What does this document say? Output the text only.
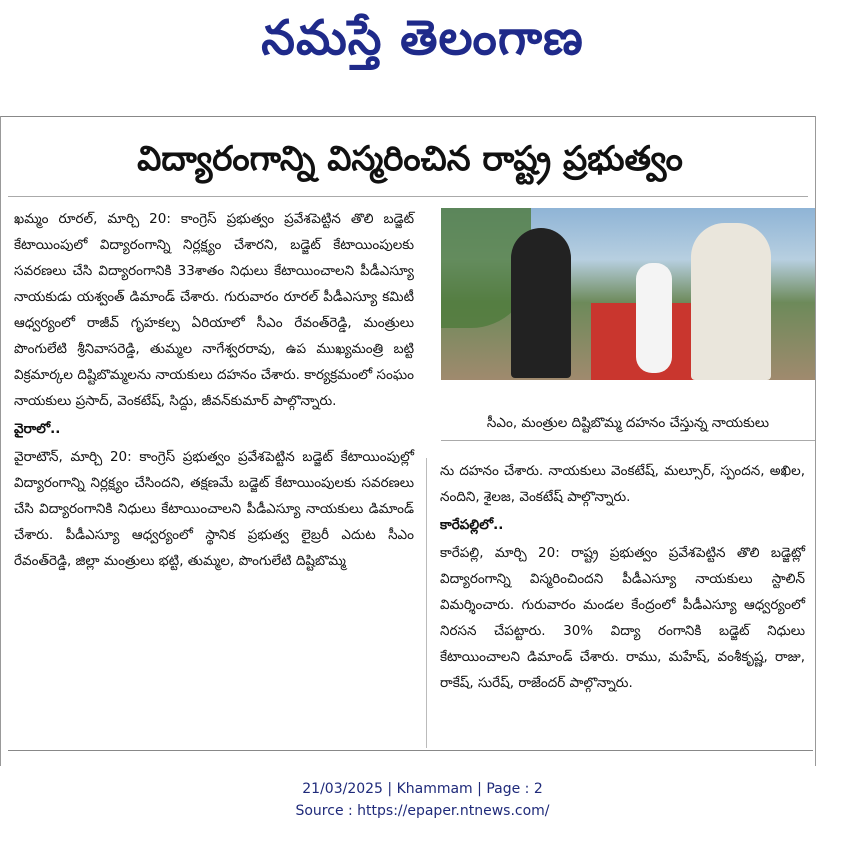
నమస్తే తెలంగాణ
విద్యారంగాన్ని విస్మరించిన రాష్ట్ర ప్రభుత్వం

ఖమ్మం రూరల్, మార్చి 20: కాంగ్రెస్ ప్రభుత్వం ప్రవేశపెట్టిన తొలి బడ్జెట్ కేటాయింపులో విద్యారంగాన్ని నిర్లక్ష్యం చేశారని, బడ్జెట్ కేటాయింపులకు సవరణలు చేసి విద్యారంగానికి 33శాతం నిధులు కేటాయించాలని పీడీఎస్యూ నాయకుడు యశ్వంత్ డిమాండ్ చేశారు. గురువారం రూరల్ పీడీఎస్యూ కమిటీ ఆధ్వర్యంలో రాజీవ్ గృహకల్ప ఏరియాలో సీఎం రేవంత్‌రెడ్డి, మంత్రులు పొంగులేటి శ్రీనివాసరెడ్డి, తుమ్మల నాగేశ్వరరావు, ఉప ముఖ్యమంత్రి బట్టి విక్రమార్కల దిష్టిబొమ్మలను నాయకులు దహనం చేశారు. కార్యక్రమంలో సంఘం నాయకులు ప్రసాద్, వెంకటేష్, సిద్దు, జీవన్‌కుమార్ పాల్గొన్నారు.

వైరాలో..

వైరాటౌన్, మార్చి 20: కాంగ్రెస్ ప్రభుత్వం ప్రవేశపెట్టిన బడ్జెట్ కేటాయింపుల్లో విద్యారంగాన్ని నిర్లక్ష్యం చేసిందని, తక్షణమే బడ్జెట్ కేటాయింపులకు సవరణలు చేసి విద్యారంగానికి నిధులు కేటాయించాలని పీడీఎస్యూ నాయకులు డిమాండ్ చేశారు. పీడీఎస్యూ ఆధ్వర్యంలో స్థానిక ప్రభుత్వ లైబ్రరీ ఎదుట సీఎం రేవంత్‌రెడ్డి, జిల్లా మంత్రులు భట్టి, తుమ్మల, పొంగులేటి దిష్టిబొమ్మ

సీఎం, మంత్రుల దిష్టిబొమ్మ దహనం చేస్తున్న నాయకులు

ను దహనం చేశారు. నాయకులు వెంకటేష్, మల్సూర్, స్పందన, అఖిల, నందిని, శైలజ, వెంకటేష్ పాల్గొన్నారు.

కారేపల్లిలో..

కారేపల్లి, మార్చి 20: రాష్ట్ర ప్రభుత్వం ప్రవేశపెట్టిన తొలి బడ్జెట్లో విద్యారంగాన్ని విస్మరించిందని పీడీఎస్యూ నాయకులు స్టాలిన్ విమర్శించారు. గురువారం మండల కేంద్రంలో పీడీఎస్యూ ఆధ్వర్యంలో నిరసన చేపట్టారు. 30% విద్యా రంగానికి బడ్జెట్ నిధులు కేటాయించాలని డిమాండ్ చేశారు. రాము, మహేష్, వంశీకృష్ణ, రాజు, రాకేష్, సురేష్, రాజేందర్ పాల్గొన్నారు.

21/03/2025 | Khammam | Page : 2
Source : https://epaper.ntnews.com/
